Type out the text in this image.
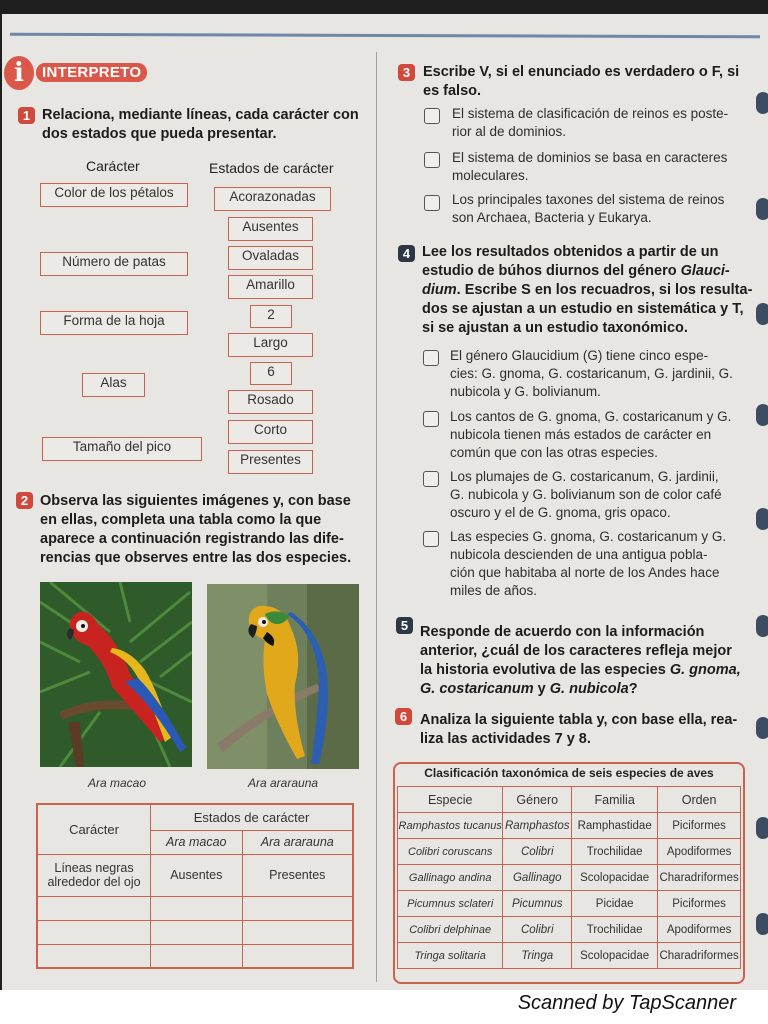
i	INTERPRETO
1 Relaciona, mediante líneas, cada carácter con
dos estados que pueda presentar.
Carácter	Estados de carácter
Color de los pétalos
Número de patas
Forma de la hoja
Alas
Tamaño del pico
Acorazonadas
Ausentes
Ovaladas
Amarillo
2
Largo
6
Rosado
Corto
Presentes
2 Observa las siguientes imágenes y, con base
en ellas, completa una tabla como la que
aparece a continuación registrando las dife-
rencias que observes entre las dos especies.
Ara macao	Ara ararauna
Carácter	Estados de carácter	
	Ara macao	Ara ararauna

Líneas negras
alrededor del ojo	Ausentes	Presentes

3 Escribe V, si el enunciado es verdadero o F, si
es falso.
El sistema de clasificación de reinos es poste-
rior al de dominios.
El sistema de dominios se basa en caracteres
moleculares.
Los principales taxones del sistema de reinos
son Archaea, Bacteria y Eukarya.
4 Lee los resultados obtenidos a partir de un
estudio de búhos diurnos del género Glauci-
dium. Escribe S en los recuadros, si los resulta-
dos se ajustan a un estudio en sistemática y T,
si se ajustan a un estudio taxonómico.
El género Glaucidium (G) tiene cinco espe-
cies: G. gnoma, G. costaricanum, G. jardinii, G.
nubicola y G. bolivianum.
Los cantos de G. gnoma, G. costaricanum y G.
nubicola tienen más estados de carácter en
común que con las otras especies.
Los plumajes de G. costaricanum, G. jardinii,
G. nubicola y G. bolivianum son de color café
oscuro y el de G. gnoma, gris opaco.
Las especies G. gnoma, G. costaricanum y G.
nubicola descienden de una antigua pobla-
ción que habitaba al norte de los Andes hace
miles de años.
5 Responde de acuerdo con la información
anterior, ¿cuál de los caracteres refleja mejor
la historia evolutiva de las especies G. gnoma,
G. costaricanum y G. nubicola?
6 Analiza la siguiente tabla y, con base ella, rea-
liza las actividades 7 y 8.
Clasificación taxonómica de seis especies de aves
Especie	Género	Familia	Orden
Ramphastos tucanus	Ramphastos	Ramphastidae	Piciformes
Colibri coruscans	Colibri	Trochilidae	Apodiformes
Gallinago andina	Gallinago	Scolopacidae	Charadriformes
Picumnus sclateri	Picumnus	Picidae	Piciformes
Colibri delphinae	Colibri	Trochilidae	Apodiformes
Tringa solitaria	Tringa	Scolopacidae	Charadriformes
Scanned by TapScanner
